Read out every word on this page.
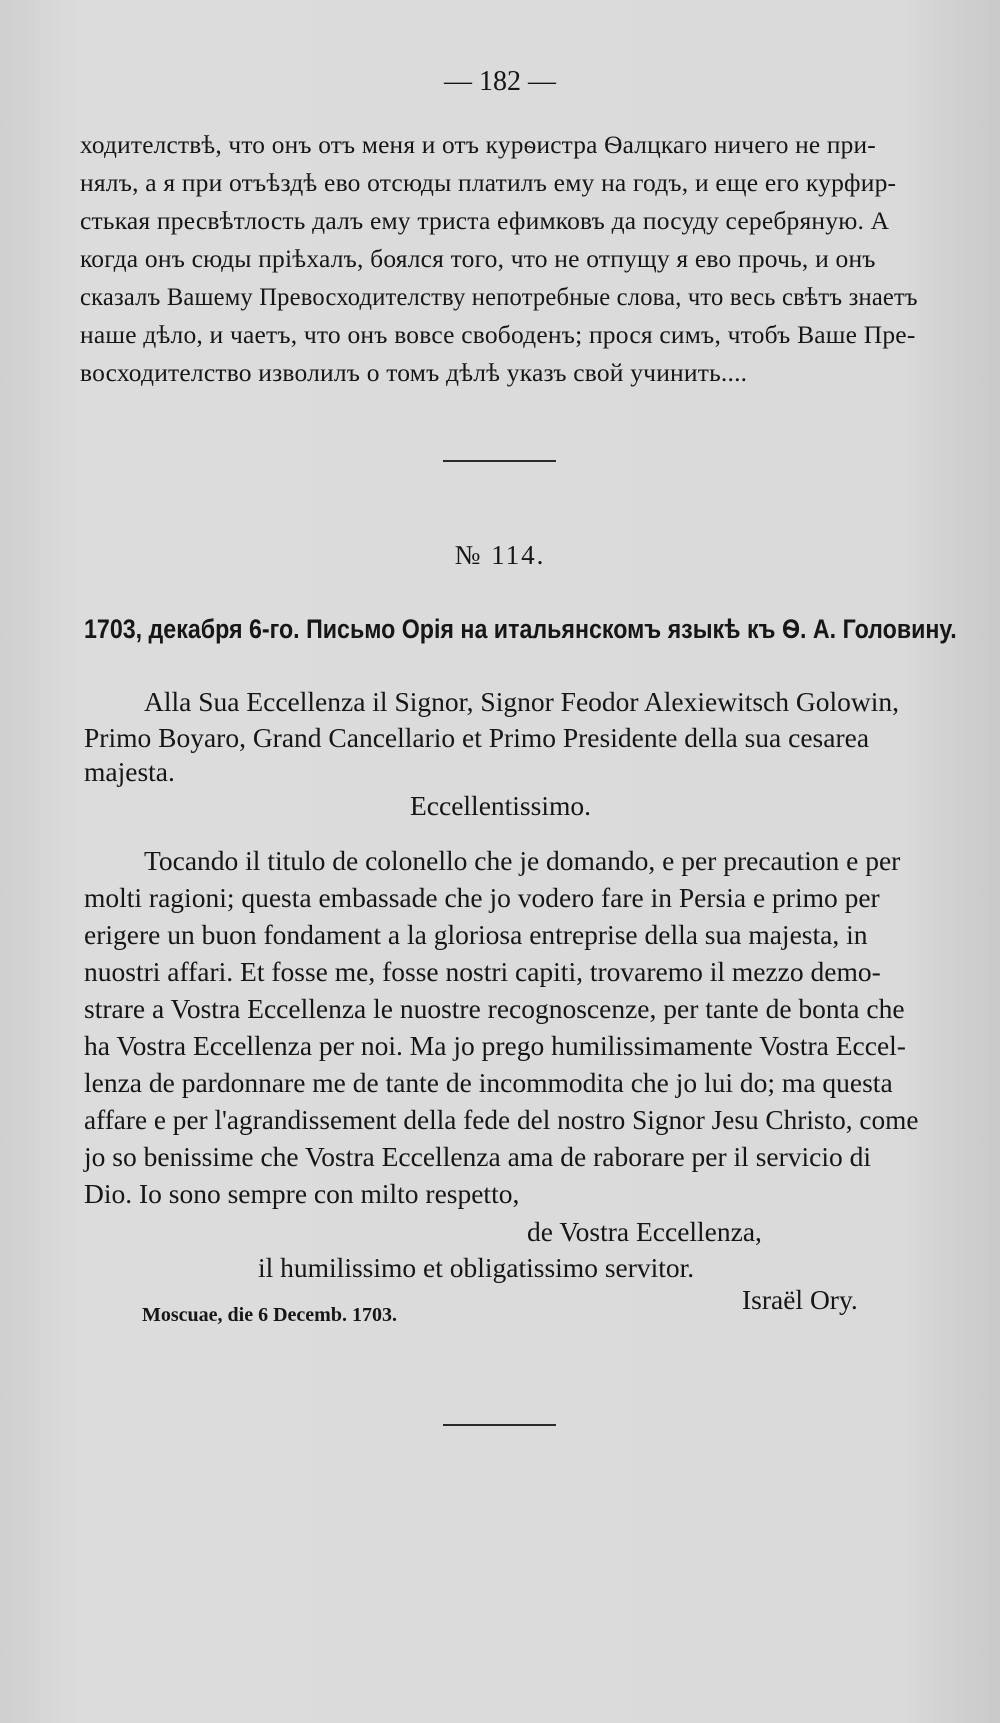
— 182 —
ходителствѣ, что онъ отъ меня и отъ курѳистра Ѳалцкаго ничего не при-
нялъ, а я при отъѣздѣ ево отсюды платилъ ему на годъ, и еще его курфир-
стькая пресвѣтлость далъ ему триста ефимковъ да посуду серебряную. А
когда онъ сюды пріѣхалъ, боялся того, что не отпущу я ево прочь, и онъ
сказалъ Вашему Превосходителству непотребные слова, что весь свѣтъ знаетъ
наше дѣло, и чаетъ, что онъ вовсе свободенъ; прося симъ, чтобъ Ваше Пре-
восходителство изволилъ о томъ дѣлѣ указъ свой учинить....
№ 114.
1703, декабря 6-го. Письмо Орія на итальянскомъ языкѣ къ Ѳ. А. Головину.
Alla Sua Eccellenza il Signor, Signor Feodor Alexiewitsch Golowin,
Primo Boyaro, Grand Cancellario et Primo Presidente della sua cesarea
majesta.
Eccellentissimo.
Tocando il titulo de colonello che je domando, e per precaution e per
molti ragioni; questa embassade che jo vodero fare in Persia e primo per
erigere un buon fondament a la gloriosa entreprise della sua majesta, in
nuostri affari. Et fosse me, fosse nostri capiti, trovaremo il mezzo demo-
strare a Vostra Eccellenza le nuostre recognoscenze, per tante de bonta che
ha Vostra Eccellenza per noi. Ma jo prego humilissimamente Vostra Eccel-
lenza de pardonnare me de tante de incommodita che jo lui do; ma questa
affare e per l'agrandissement della fede del nostro Signor Jesu Christo, come
jo so benissime che Vostra Eccellenza ama de raborare per il servicio di
Dio. Io sono sempre con milto respetto,
de Vostra Eccellenza,
il humilissimo et obligatissimo servitor.
Israël Ory.
Moscuae, die 6 Decemb. 1703.
